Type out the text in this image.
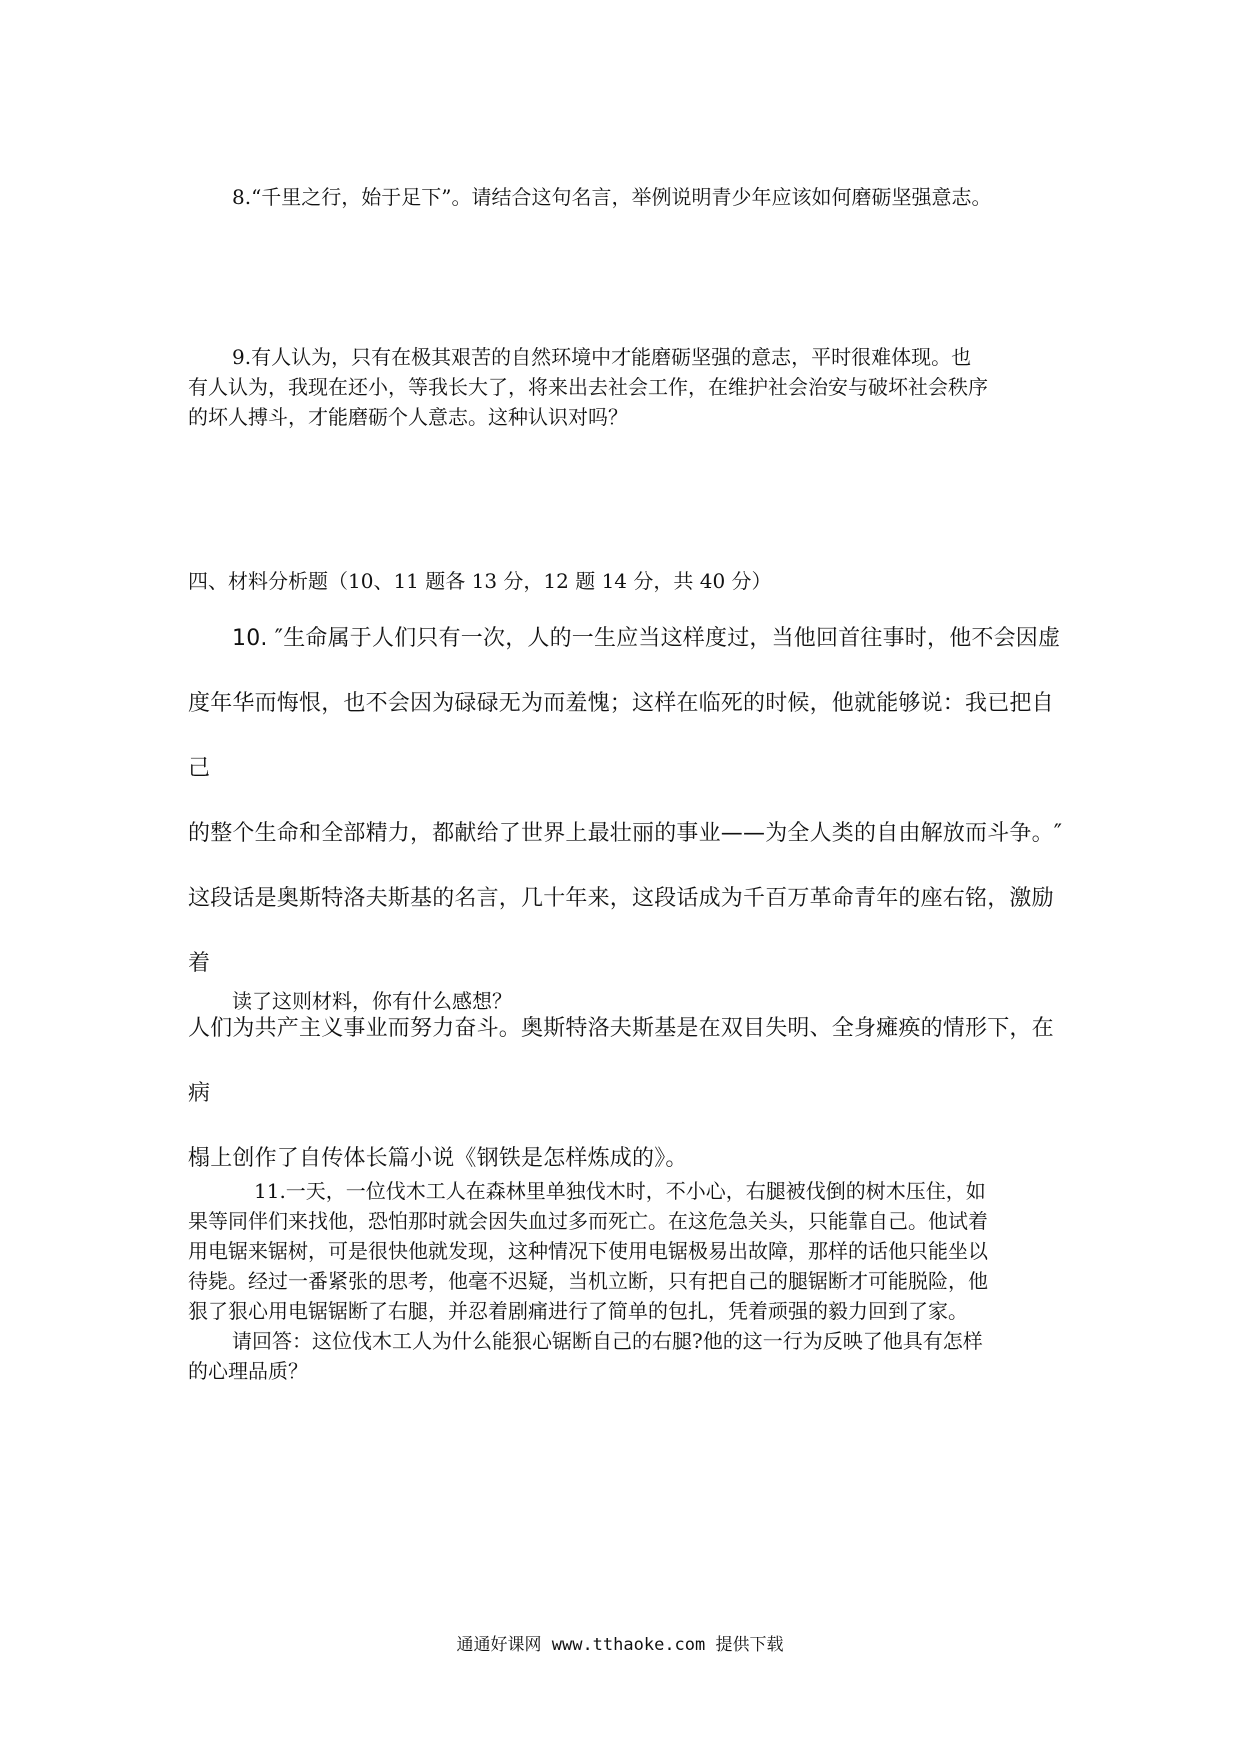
8.“千里之行，始于足下”。请结合这句名言，举例说明青少年应该如何磨砺坚强意志。

9.有人认为，只有在极其艰苦的自然环境中才能磨砺坚强的意志，平时很难体现。也

有人认为，我现在还小，等我长大了，将来出去社会工作，在维护社会治安与破坏社会秩序

的坏人搏斗，才能磨砺个人意志。这种认识对吗？

四、材料分析题（10、11 题各 13 分，12 题 14 分，共 40 分）

10. ″生命属于人们只有一次，人的一生应当这样度过，当他回首往事时，他不会因虚

度年华而悔恨，也不会因为碌碌无为而羞愧；这样在临死的时候，他就能够说：我已把自己

的整个生命和全部精力，都献给了世界上最壮丽的事业——为全人类的自由解放而斗争。″

这段话是奥斯特洛夫斯基的名言，几十年来，这段话成为千百万革命青年的座右铭，激励着

人们为共产主义事业而努力奋斗。奥斯特洛夫斯基是在双目失明、全身瘫痪的情形下，在病

榻上创作了自传体长篇小说《钢铁是怎样炼成的》。

读了这则材料，你有什么感想？

11.一天，一位伐木工人在森林里单独伐木时，不小心，右腿被伐倒的树木压住，如

果等同伴们来找他，恐怕那时就会因失血过多而死亡。在这危急关头，只能靠自己。他试着

用电锯来锯树，可是很快他就发现，这种情况下使用电锯极易出故障，那样的话他只能坐以

待毙。经过一番紧张的思考，他毫不迟疑，当机立断，只有把自己的腿锯断才可能脱险，他

狠了狠心用电锯锯断了右腿，并忍着剧痛进行了简单的包扎，凭着顽强的毅力回到了家。

请回答：这位伐木工人为什么能狠心锯断自己的右腿?他的这一行为反映了他具有怎样

的心理品质？

通通好课网 www.tthaoke.com 提供下载
